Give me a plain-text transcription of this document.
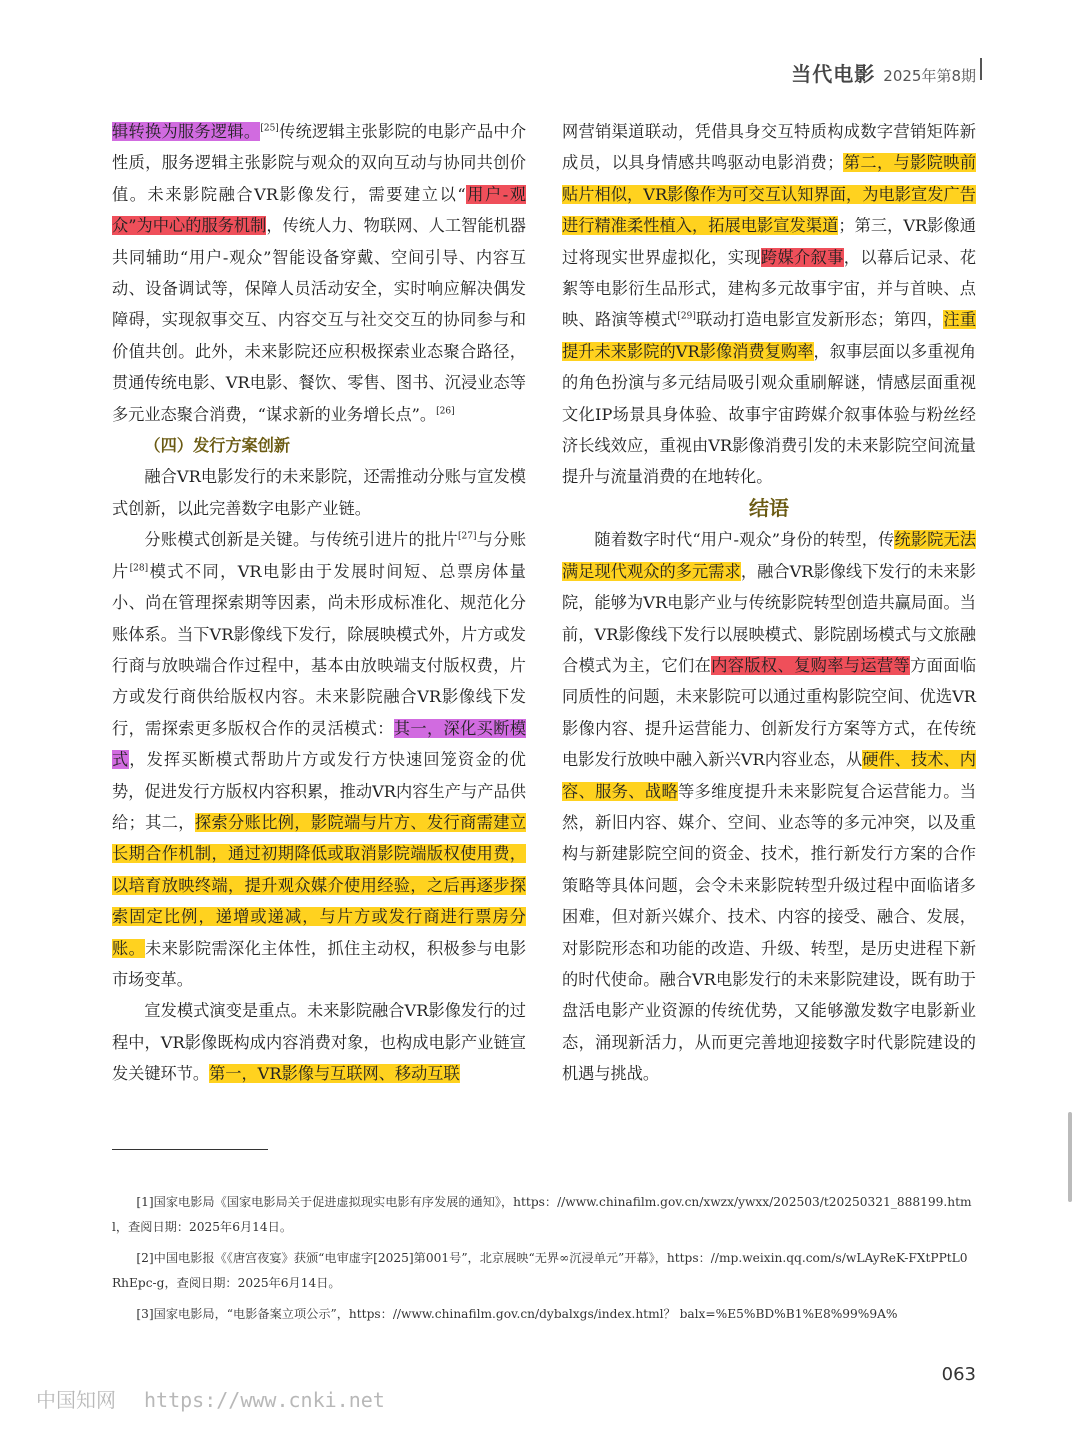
当代电影 2025年第8期

辑转换为服务逻辑。[25]传统逻辑主张影院的电影产品中介性质，服务逻辑主张影院与观众的双向互动与协同共创价值。未来影院融合VR影像发行，需要建立以“用户-观众”为中心的服务机制，传统人力、物联网、人工智能机器共同辅助“用户-观众”智能设备穿戴、空间引导、内容互动、设备调试等，保障人员活动安全，实时响应解决偶发障碍，实现叙事交互、内容交互与社交交互的协同参与和价值共创。此外，未来影院还应积极探索业态聚合路径，贯通传统电影、VR电影、餐饮、零售、图书、沉浸业态等多元业态聚合消费，“谋求新的业务增长点”。[26]

（四）发行方案创新

融合VR电影发行的未来影院，还需推动分账与宣发模式创新，以此完善数字电影产业链。

分账模式创新是关键。与传统引进片的批片[27]与分账片[28]模式不同，VR电影由于发展时间短、总票房体量小、尚在管理探索期等因素，尚未形成标准化、规范化分账体系。当下VR影像线下发行，除展映模式外，片方或发行商与放映端合作过程中，基本由放映端支付版权费，片方或发行商供给版权内容。未来影院融合VR影像线下发行，需探索更多版权合作的灵活模式：其一，深化买断模式，发挥买断模式帮助片方或发行方快速回笼资金的优势，促进发行方版权内容积累，推动VR内容生产与产品供给；其二，探索分账比例，影院端与片方、发行商需建立长期合作机制，通过初期降低或取消影院端版权使用费，以培育放映终端，提升观众媒介使用经验，之后再逐步探索固定比例，递增或递减，与片方或发行商进行票房分账。未来影院需深化主体性，抓住主动权，积极参与电影市场变革。

宣发模式演变是重点。未来影院融合VR影像发行的过程中，VR影像既构成内容消费对象，也构成电影产业链宣发关键环节。第一，VR影像与互联网、移动互联

网营销渠道联动，凭借具身交互特质构成数字营销矩阵新成员，以具身情感共鸣驱动电影消费；第二，与影院映前贴片相似，VR影像作为可交互认知界面，为电影宣发广告进行精准柔性植入，拓展电影宣发渠道；第三，VR影像通过将现实世界虚拟化，实现跨媒介叙事，以幕后记录、花絮等电影衍生品形式，建构多元故事宇宙，并与首映、点映、路演等模式[29]联动打造电影宣发新形态；第四，注重提升未来影院的VR影像消费复购率，叙事层面以多重视角的角色扮演与多元结局吸引观众重刷解谜，情感层面重视文化IP场景具身体验、故事宇宙跨媒介叙事体验与粉丝经济长线效应，重视由VR影像消费引发的未来影院空间流量提升与流量消费的在地转化。

结语

随着数字时代“用户-观众”身份的转型，传统影院无法满足现代观众的多元需求，融合VR影像线下发行的未来影院，能够为VR电影产业与传统影院转型创造共赢局面。当前，VR影像线下发行以展映模式、影院剧场模式与文旅融合模式为主，它们在内容版权、复购率与运营等方面面临同质性的问题，未来影院可以通过重构影院空间、优选VR影像内容、提升运营能力、创新发行方案等方式，在传统电影发行放映中融入新兴VR内容业态，从硬件、技术、内容、服务、战略等多维度提升未来影院复合运营能力。当然，新旧内容、媒介、空间、业态等的多元冲突，以及重构与新建影院空间的资金、技术，推行新发行方案的合作策略等具体问题，会令未来影院转型升级过程中面临诸多困难，但对新兴媒介、技术、内容的接受、融合、发展，对影院形态和功能的改造、升级、转型，是历史进程下新的时代使命。融合VR电影发行的未来影院建设，既有助于盘活电影产业资源的传统优势，又能够激发数字电影新业态，涌现新活力，从而更完善地迎接数字时代影院建设的机遇与挑战。

[1]国家电影局《国家电影局关于促进虚拟现实电影有序发展的通知》，https：//www.chinafilm.gov.cn/xwzx/ywxx/202503/t20250321_888199.html，查阅日期：2025年6月14日。

[2]中国电影报《《唐宫夜宴》获颁“电审虚字[2025]第001号”，北京展映“无界∞沉浸单元”开幕》，https：//mp.weixin.qq.com/s/wLAyReK-FXtPPtL0RhEpc-g，查阅日期：2025年6月14日。

[3]国家电影局，“电影备案立项公示”，https：//www.chinafilm.gov.cn/dybalxgs/index.html？ balx=%E5%BD%B1%E8%99%9A%

063
中国知网 https://www.cnki.net
